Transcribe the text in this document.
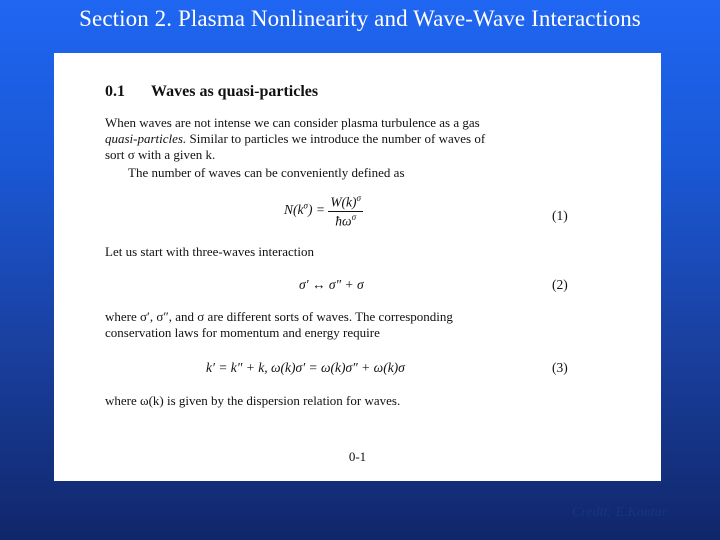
Section 2. Plasma Nonlinearity and Wave-Wave Interactions
0.1 Waves as quasi-particles
When waves are not intense we can consider plasma turbulence as a gas
quasi-particles. Similar to particles we introduce the number of waves of
sort σ with a given k.
The number of waves can be conveniently defined as
$N(k^\sigma) = \frac{W(k)^\sigma}{ħ\omega^\sigma}$	(1)
Let us start with three-waves interaction
σ′ ↔ σ″ + σ	(2)
where σ′, σ″, and σ are different sorts of waves. The corresponding
conservation laws for momentum and energy require
k′ = k″ + k, ω(k)σ′ = ω(k)σ″ + ω(k)σ	(3)
where ω(k) is given by the dispersion relation for waves.
0-1
Credit: E.Kontar
